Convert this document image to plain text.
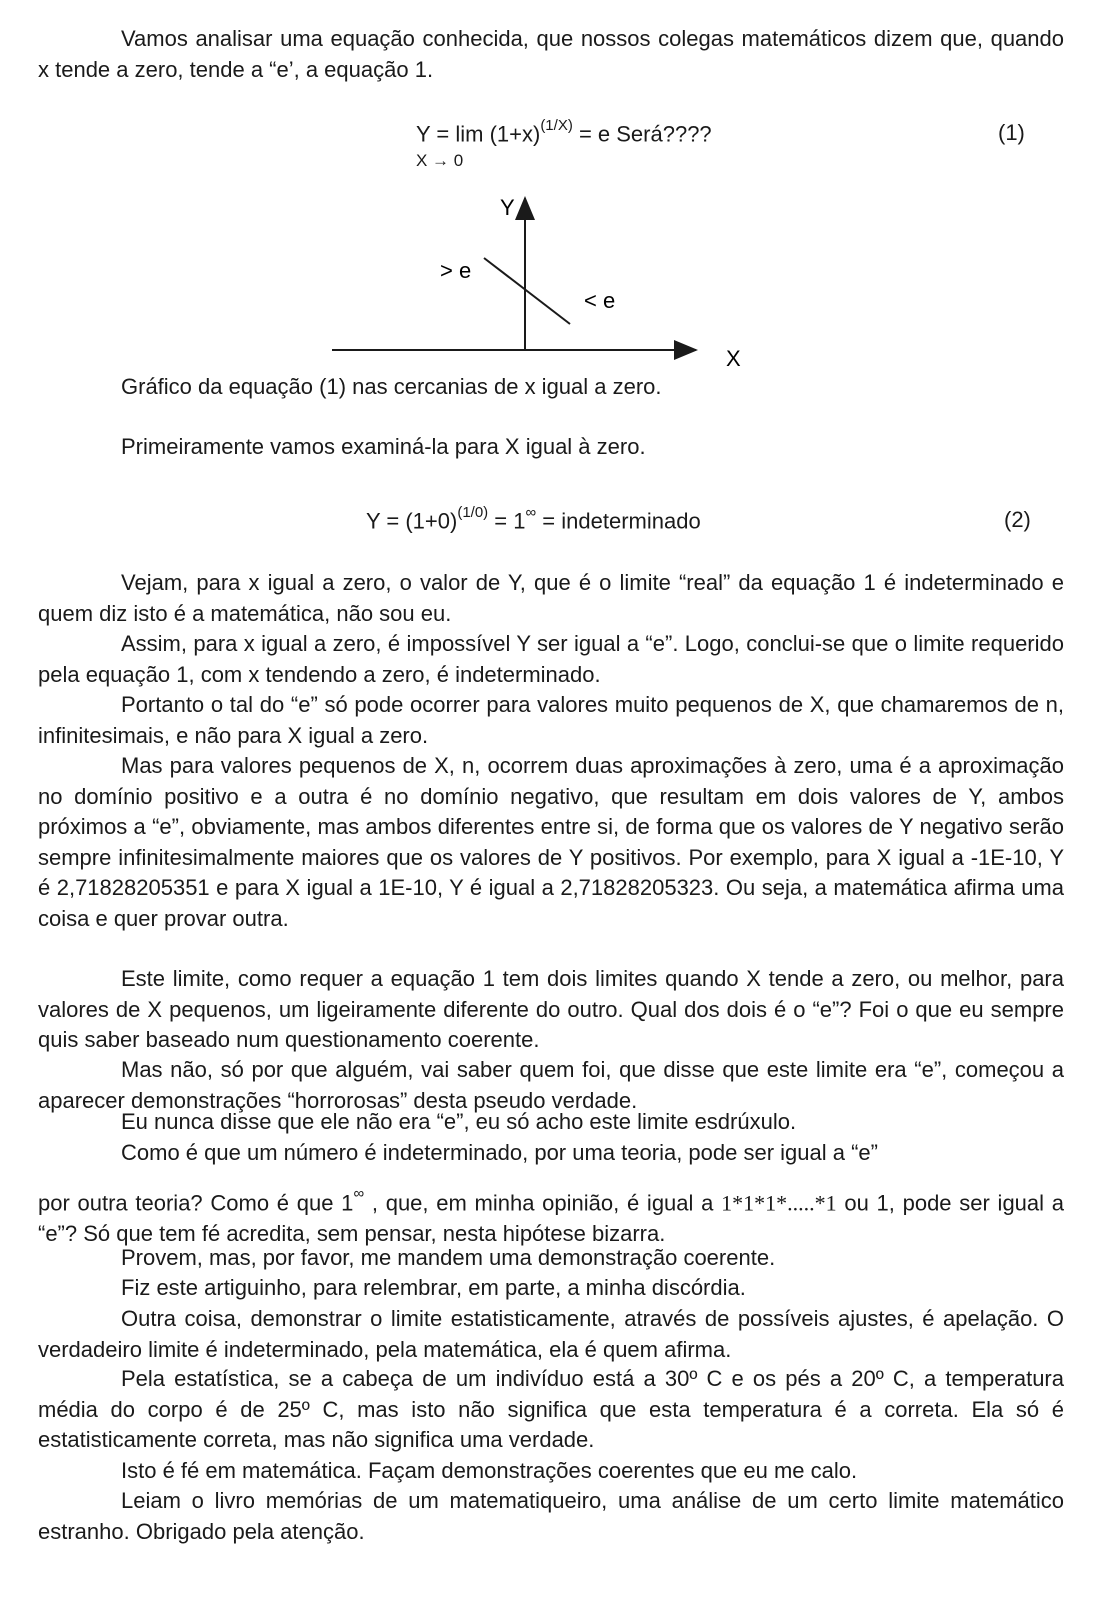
Vamos analisar uma equação conhecida, que nossos colegas matemáticos dizem que, quando x tende a zero, tende a “e’, a equação 1.

$Y = \lim (1+x)^{(1/X)} = e$ Será????
X → 0
(1)
Y
X
> e
< e
Gráfico da equação (1) nas cercanias de x igual a zero.
Primeiramente vamos examiná-la para X igual à zero.
$Y = (1+0)^{(1/0)} = 1^\infty$ = indeterminado	(2)

Vejam, para x igual a zero, o valor de Y, que é o limite “real” da equação 1 é indeterminado e quem diz isto é a matemática, não sou eu.

Assim, para x igual a zero, é impossível Y ser igual a “e”. Logo, conclui-se que o limite requerido pela equação 1, com x tendendo a zero, é indeterminado.

Portanto o tal do “e” só pode ocorrer para valores muito pequenos de X, que chamaremos de n, infinitesimais, e não para X igual a zero.

Mas para valores pequenos de X, n, ocorrem duas aproximações à zero, uma é a aproximação no domínio positivo e a outra é no domínio negativo, que resultam em dois valores de Y, ambos próximos a “e”, obviamente, mas ambos diferentes entre si, de forma que os valores de Y negativo serão sempre infinitesimalmente maiores que os valores de Y positivos. Por exemplo, para X igual a -1E-10, Y é 2,71828205351 e para X igual a 1E-10, Y é igual a 2,71828205323. Ou seja, a matemática afirma uma coisa e quer provar outra.

Este limite, como requer a equação 1 tem dois limites quando X tende a zero, ou melhor, para valores de X pequenos, um ligeiramente diferente do outro. Qual dos dois é o “e”? Foi o que eu sempre quis saber baseado num questionamento coerente.

Mas não, só por que alguém, vai saber quem foi, que disse que este limite era “e”, começou a aparecer demonstrações “horrorosas” desta pseudo verdade.

Eu nunca disse que ele não era “e”, eu só acho este limite esdrúxulo.

Como é que um número é indeterminado, por uma teoria, pode ser igual a “e”

por outra teoria? Como é que 1∞ , que, em minha opinião, é igual a 1*1*1*.....*1 ou 1, pode ser igual a “e”? Só que tem fé acredita, sem pensar, nesta hipótese bizarra.

Provem, mas, por favor, me mandem uma demonstração coerente.

Fiz este artiguinho, para relembrar, em parte, a minha discórdia.

Outra coisa, demonstrar o limite estatisticamente, através de possíveis ajustes, é apelação. O verdadeiro limite é indeterminado, pela matemática, ela é quem afirma.

Pela estatística, se a cabeça de um indivíduo está a 30º C e os pés a 20º C, a temperatura média do corpo é de 25º C, mas isto não significa que esta temperatura é a correta. Ela só é estatisticamente correta, mas não significa uma verdade.

Isto é fé em matemática. Façam demonstrações coerentes que eu me calo.

Leiam o livro memórias de um matematiqueiro, uma análise de um certo limite matemático estranho. Obrigado pela atenção.
